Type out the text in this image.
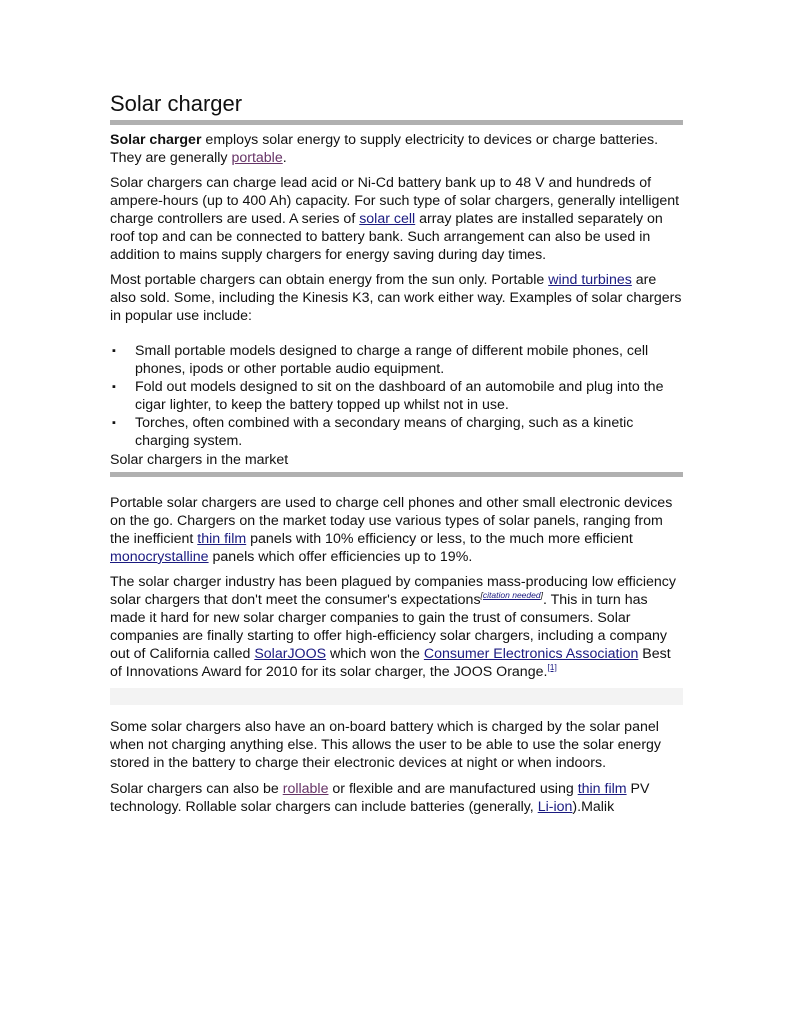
Solar charger

Solar charger employs solar energy to supply electricity to devices or charge batteries. They are generally portable.

Solar chargers can charge lead acid or Ni-Cd battery bank up to 48 V and hundreds of ampere-hours (up to 400 Ah) capacity. For such type of solar chargers, generally intelligent charge controllers are used. A series of solar cell array plates are installed separately on roof top and can be connected to battery bank. Such arrangement can also be used in addition to mains supply chargers for energy saving during day times.

Most portable chargers can obtain energy from the sun only. Portable wind turbines are also sold. Some, including the Kinesis K3, can work either way. Examples of solar chargers in popular use include:

▪ Small portable models designed to charge a range of different mobile phones, cell phones, ipods or other portable audio equipment.
▪ Fold out models designed to sit on the dashboard of an automobile and plug into the cigar lighter, to keep the battery topped up whilst not in use.
▪ Torches, often combined with a secondary means of charging, such as a kinetic charging system.
Solar chargers in the market

Portable solar chargers are used to charge cell phones and other small electronic devices on the go. Chargers on the market today use various types of solar panels, ranging from the inefficient thin film panels with 10% efficiency or less, to the much more efficient monocrystalline panels which offer efficiencies up to 19%.

The solar charger industry has been plagued by companies mass-producing low efficiency solar chargers that don't meet the consumer's expectations[citation needed]. This in turn has made it hard for new solar charger companies to gain the trust of consumers. Solar companies are finally starting to offer high-efficiency solar chargers, including a company out of California called SolarJOOS which won the Consumer Electronics Association Best of Innovations Award for 2010 for its solar charger, the JOOS Orange.[1]

Some solar chargers also have an on-board battery which is charged by the solar panel when not charging anything else. This allows the user to be able to use the solar energy stored in the battery to charge their electronic devices at night or when indoors.

Solar chargers can also be rollable or flexible and are manufactured using thin film PV technology. Rollable solar chargers can include batteries (generally, Li-ion).Malik
